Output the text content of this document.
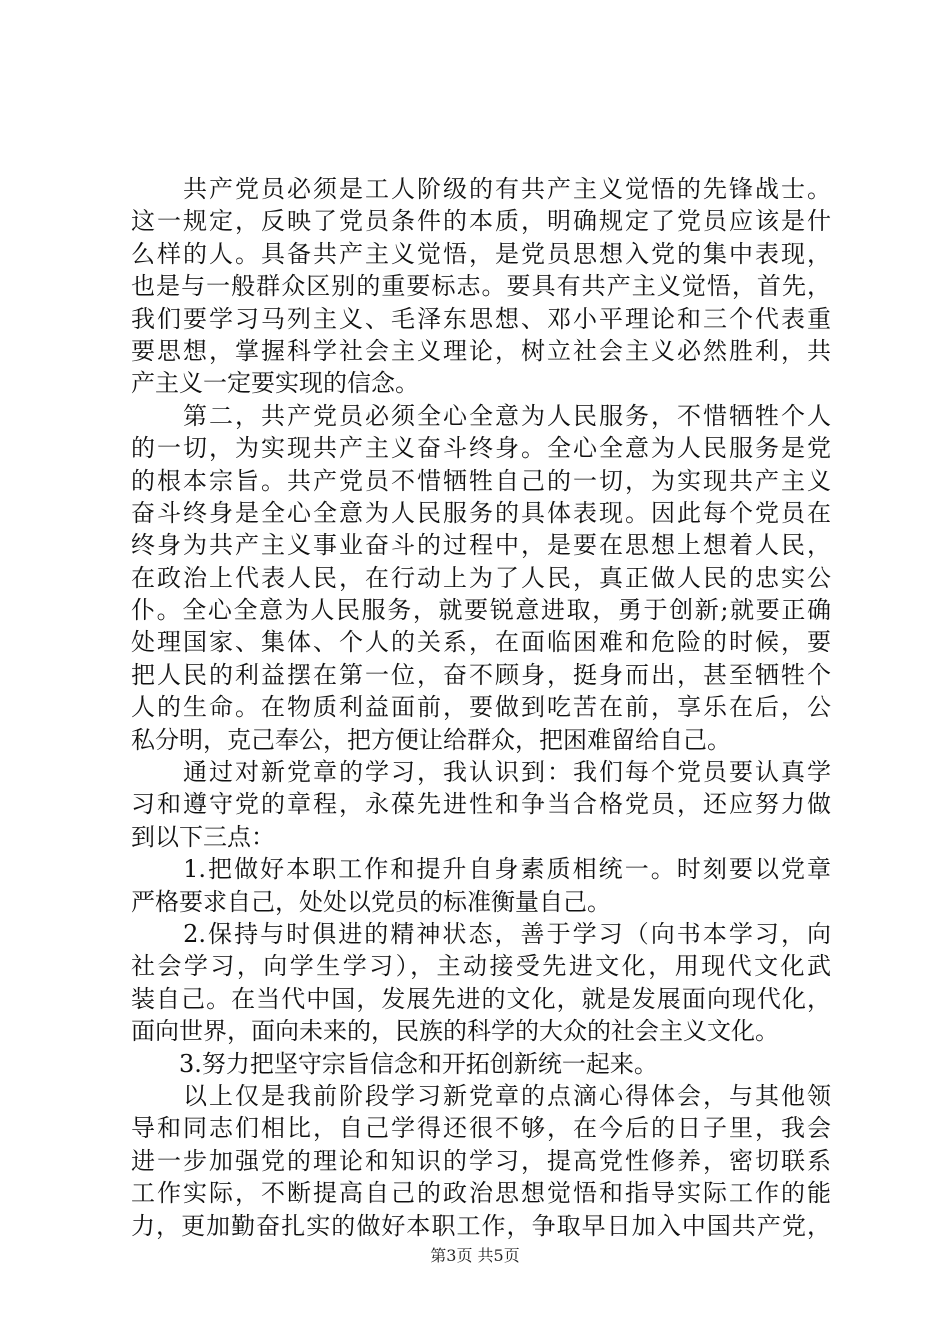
　　共产党员必须是工人阶级的有共产主义觉悟的先锋战士。
这一规定，反映了党员条件的本质，明确规定了党员应该是什
么样的人。具备共产主义觉悟，是党员思想入党的集中表现，
也是与一般群众区别的重要标志。要具有共产主义觉悟，首先，
我们要学习马列主义、毛泽东思想、邓小平理论和三个代表重
要思想，掌握科学社会主义理论，树立社会主义必然胜利，共
产主义一定要实现的信念。
　　第二，共产党员必须全心全意为人民服务，不惜牺牲个人
的一切，为实现共产主义奋斗终身。全心全意为人民服务是党
的根本宗旨。共产党员不惜牺牲自己的一切，为实现共产主义
奋斗终身是全心全意为人民服务的具体表现。因此每个党员在
终身为共产主义事业奋斗的过程中，是要在思想上想着人民，
在政治上代表人民，在行动上为了人民，真正做人民的忠实公
仆。全心全意为人民服务，就要锐意进取，勇于创新;就要正确
处理国家、集体、个人的关系，在面临困难和危险的时候，要
把人民的利益摆在第一位，奋不顾身，挺身而出，甚至牺牲个
人的生命。在物质利益面前，要做到吃苦在前，享乐在后，公
私分明，克己奉公，把方便让给群众，把困难留给自己。
　　通过对新党章的学习，我认识到：我们每个党员要认真学
习和遵守党的章程，永葆先进性和争当合格党员，还应努力做
到以下三点：
　　1.把做好本职工作和提升自身素质相统一。时刻要以党章
严格要求自己，处处以党员的标准衡量自己。
　　2.保持与时俱进的精神状态，善于学习（向书本学习，向
社会学习，向学生学习），主动接受先进文化，用现代文化武
装自己。在当代中国，发展先进的文化，就是发展面向现代化，
面向世界，面向未来的，民族的科学的大众的社会主义文化。
　　3.努力把坚守宗旨信念和开拓创新统一起来。
　　以上仅是我前阶段学习新党章的点滴心得体会，与其他领
导和同志们相比，自己学得还很不够，在今后的日子里，我会
进一步加强党的理论和知识的学习，提高党性修养，密切联系
工作实际，不断提高自己的政治思想觉悟和指导实际工作的能
力，更加勤奋扎实的做好本职工作，争取早日加入中国共产党，
第3页 共5页
